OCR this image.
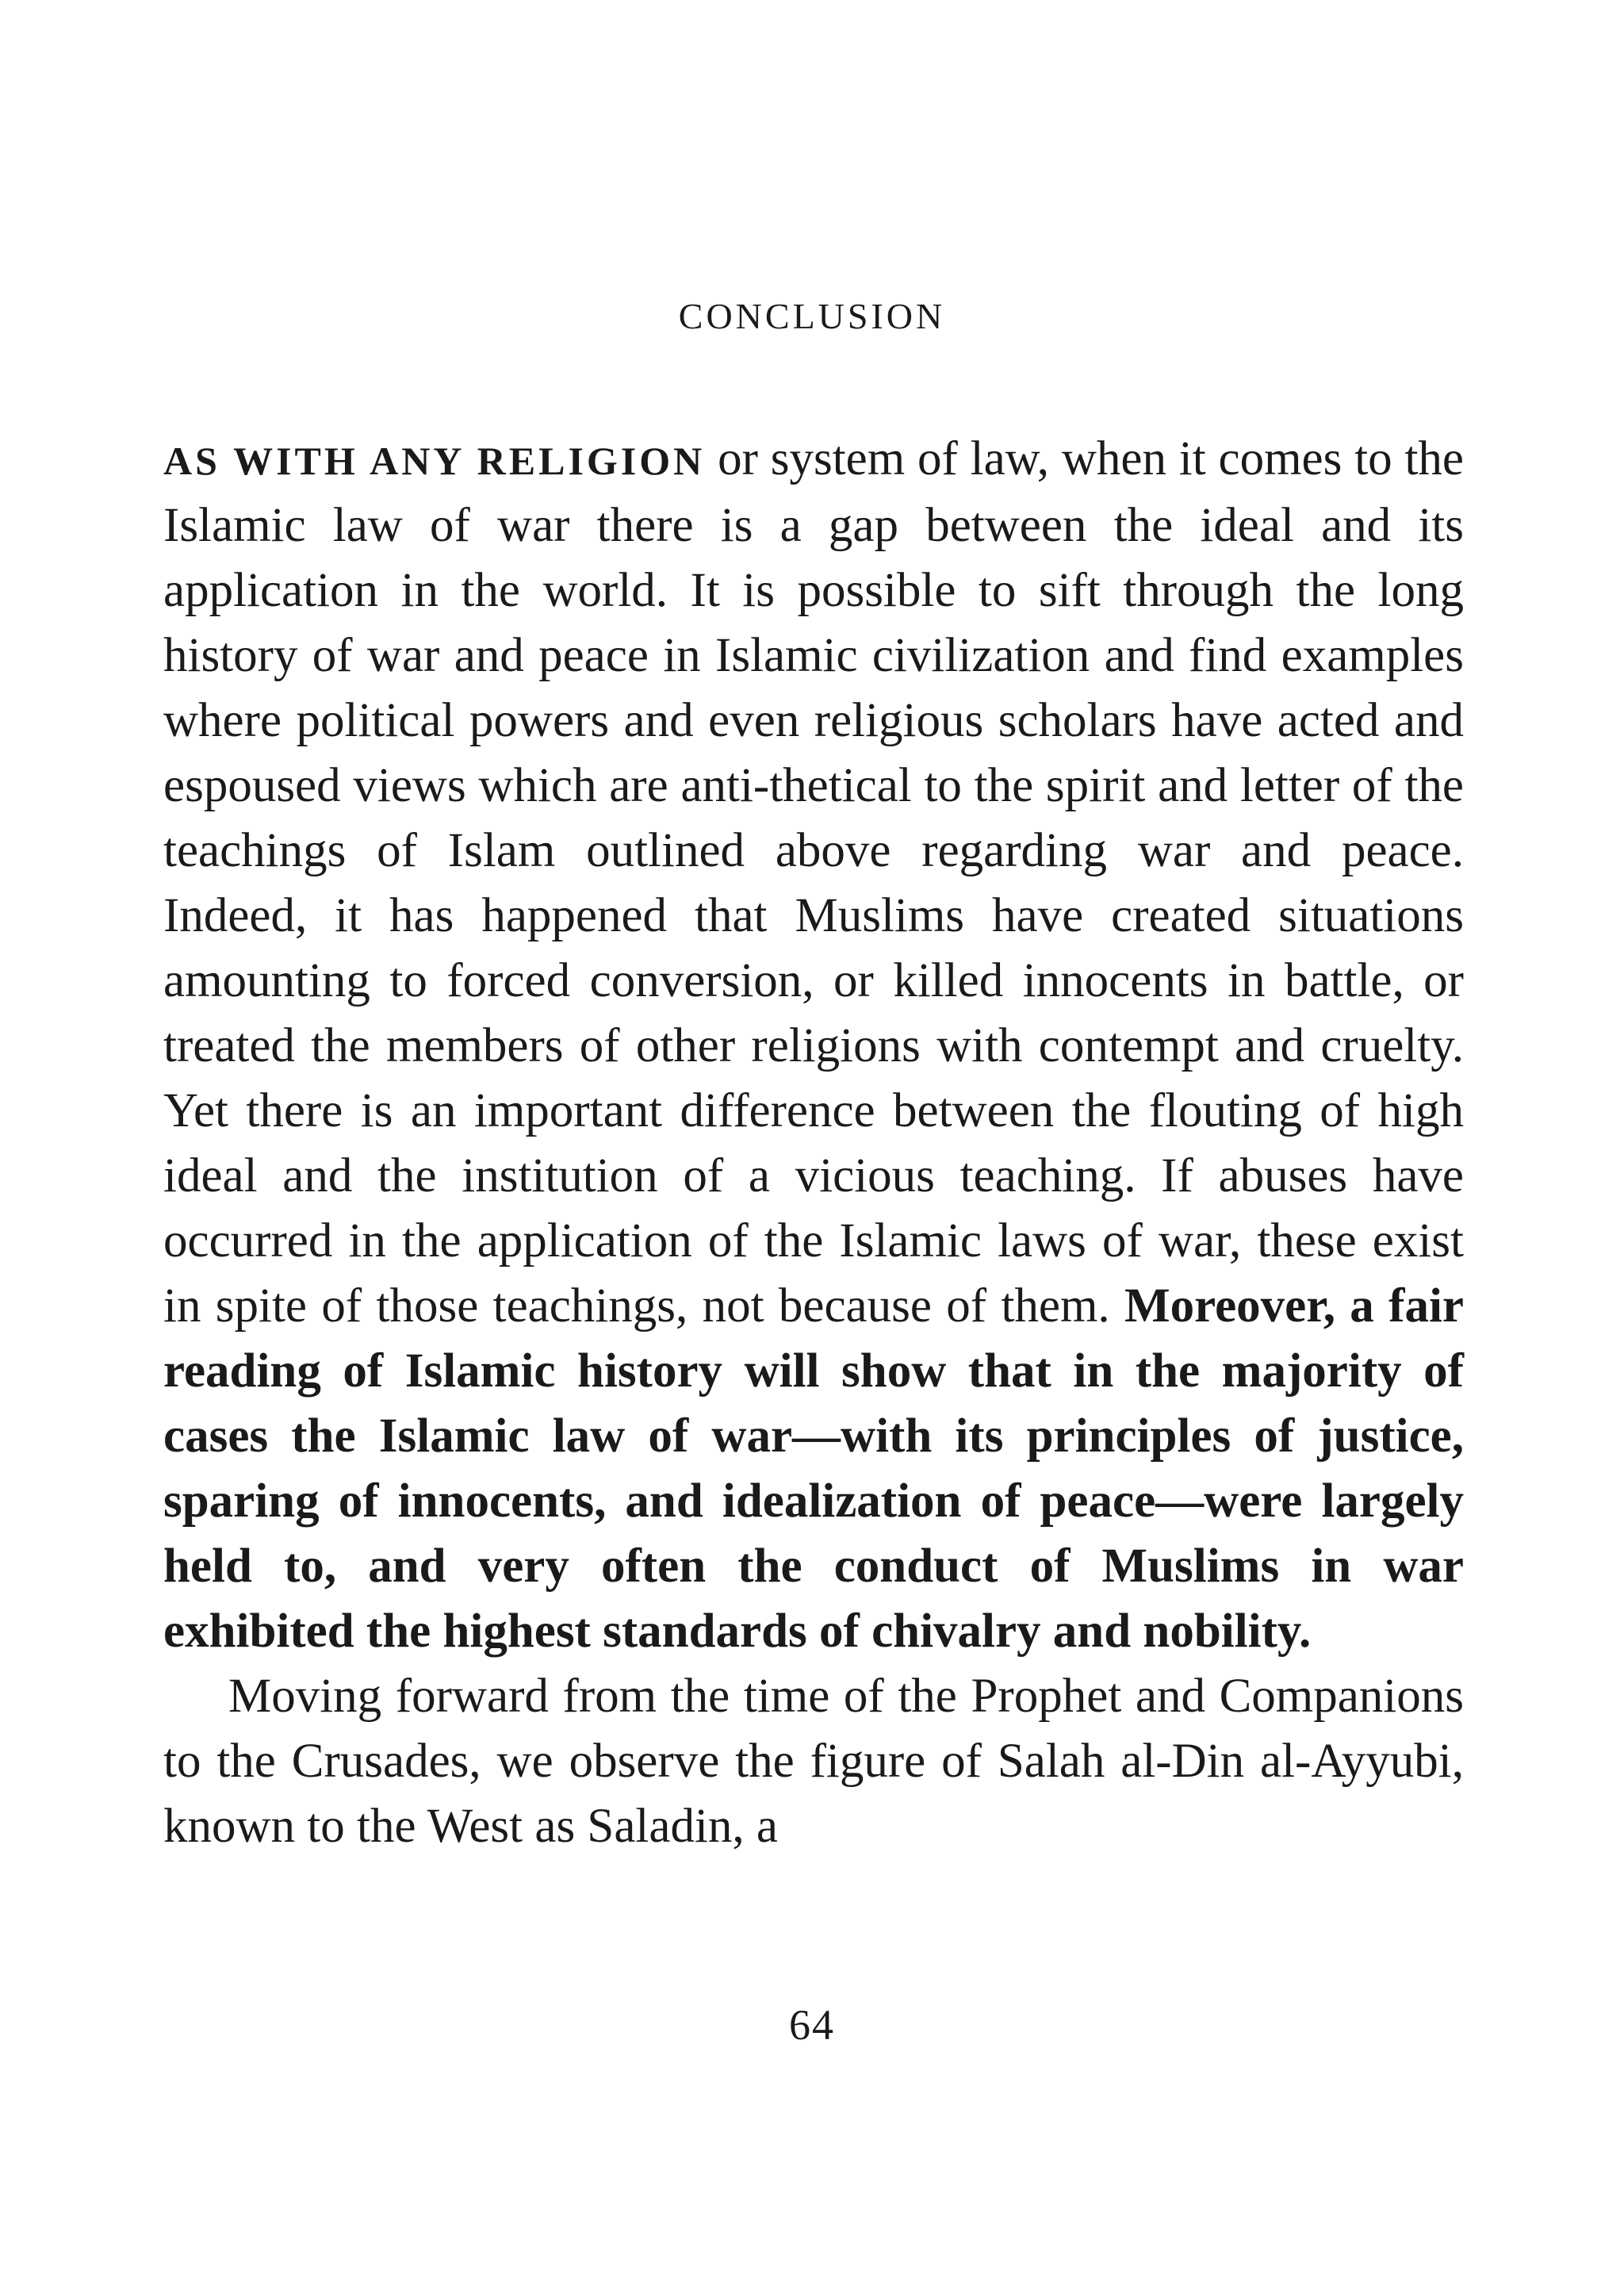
CONCLUSION

AS WITH ANY RELIGION or system of law, when it comes to the Islamic law of war there is a gap between the ideal and its application in the world. It is possible to sift through the long history of war and peace in Islamic civilization and find examples where political powers and even religious scholars have acted and espoused views which are anti-thetical to the spirit and letter of the teachings of Islam outlined above regarding war and peace. Indeed, it has happened that Muslims have created situations amounting to forced conversion, or killed innocents in battle, or treated the members of other religions with contempt and cruelty. Yet there is an important difference between the flouting of high ideal and the institution of a vicious teaching. If abuses have occurred in the application of the Islamic laws of war, these exist in spite of those teachings, not because of them. Moreover, a fair reading of Islamic history will show that in the majority of cases the Islamic law of war—with its principles of justice, sparing of innocents, and idealization of peace—were largely held to, and very often the conduct of Muslims in war exhibited the highest standards of chivalry and nobility.

Moving forward from the time of the Prophet and Companions to the Crusades, we observe the figure of Salah al-Din al-Ayyubi, known to the West as Saladin, a

64
